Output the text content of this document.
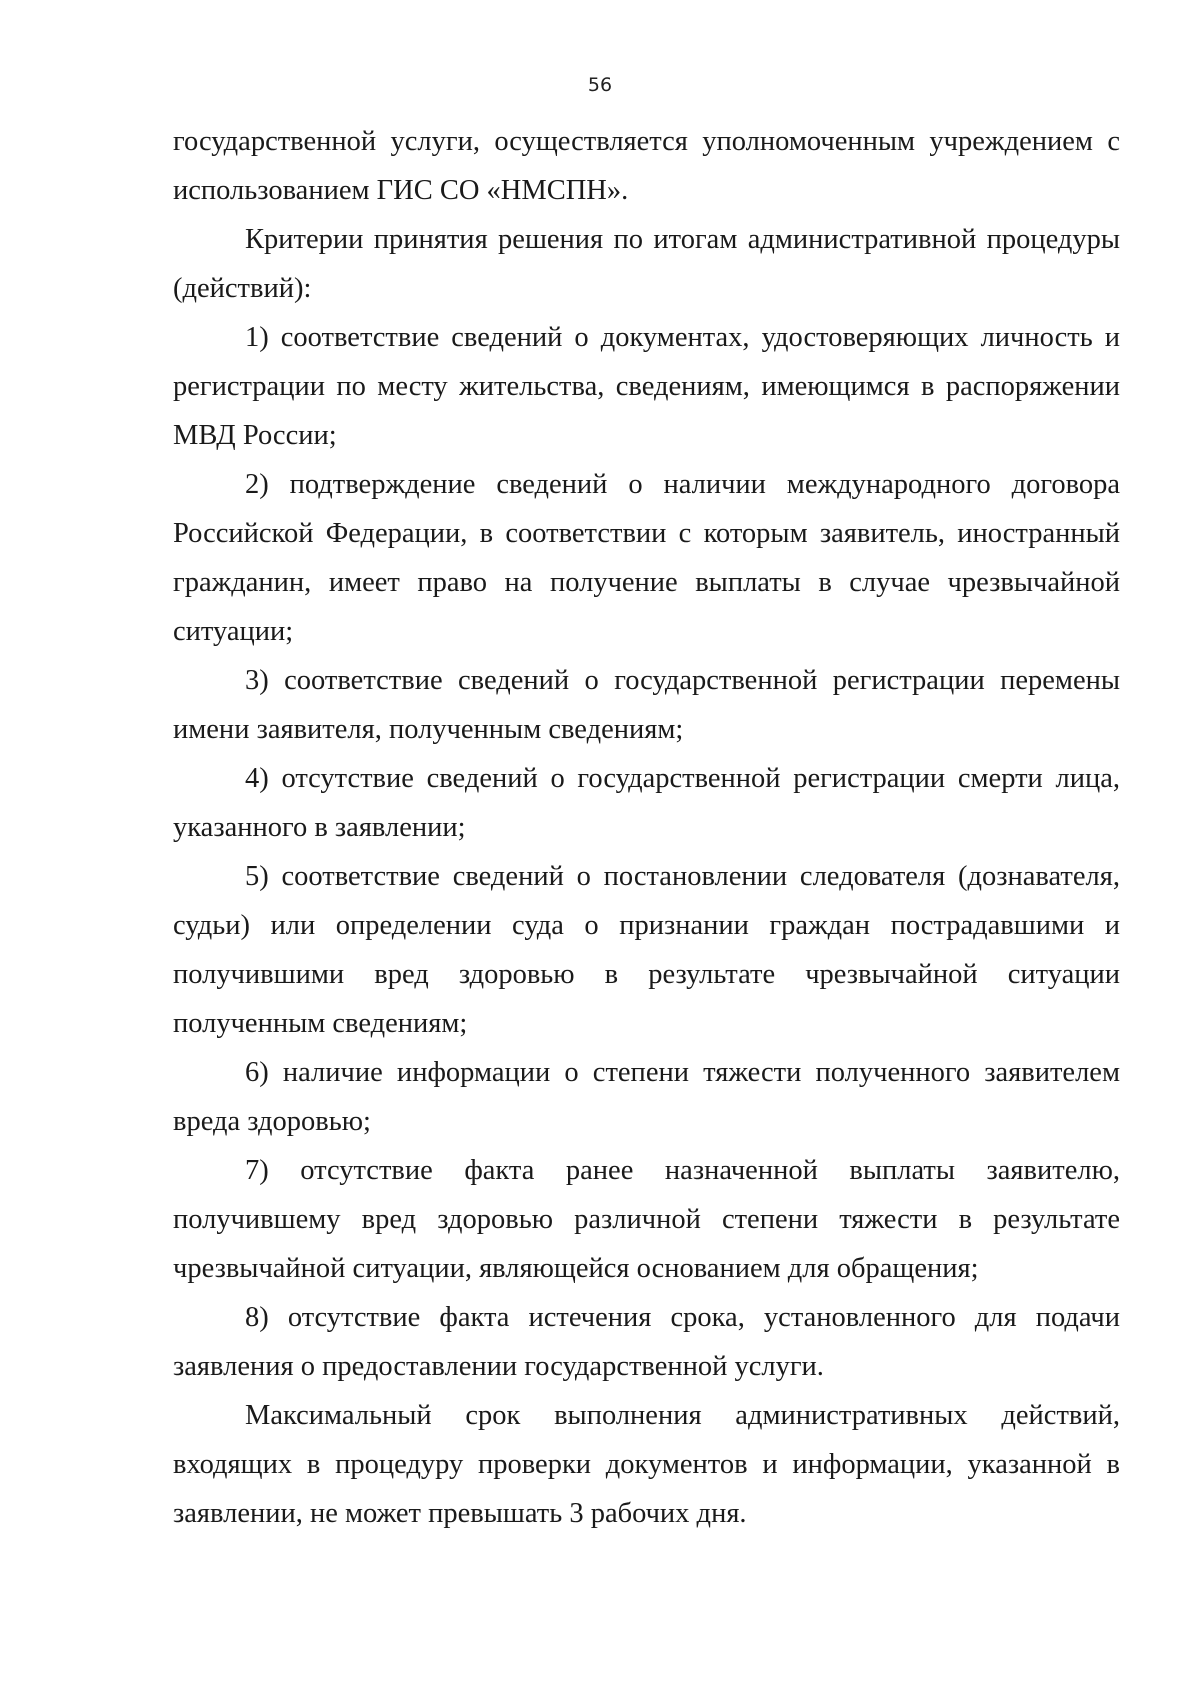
56

государственной услуги, осуществляется уполномоченным учреждением с использованием ГИС СО «НМСПН».

Критерии принятия решения по итогам административной процедуры (действий):

1) соответствие сведений о документах, удостоверяющих личность и регистрации по месту жительства, сведениям, имеющимся в распоряжении МВД России;

2) подтверждение сведений о наличии международного договора Российской Федерации, в соответствии с которым заявитель, иностранный гражданин, имеет право на получение выплаты в случае чрезвычайной ситуации;

3) соответствие сведений о государственной регистрации перемены имени заявителя, полученным сведениям;

4) отсутствие сведений о государственной регистрации смерти лица, указанного в заявлении;

5) соответствие сведений о постановлении следователя (дознавателя, судьи) или определении суда о признании граждан пострадавшими и получившими вред здоровью в результате чрезвычайной ситуации полученным сведениям;

6) наличие информации о степени тяжести полученного заявителем вреда здоровью;

7) отсутствие факта ранее назначенной выплаты заявителю, получившему вред здоровью различной степени тяжести в результате чрезвычайной ситуации, являющейся основанием для обращения;

8) отсутствие факта истечения срока, установленного для подачи заявления о предоставлении государственной услуги.

Максимальный срок выполнения административных действий, входящих в процедуру проверки документов и информации, указанной в заявлении, не может превышать 3 рабочих дня.
